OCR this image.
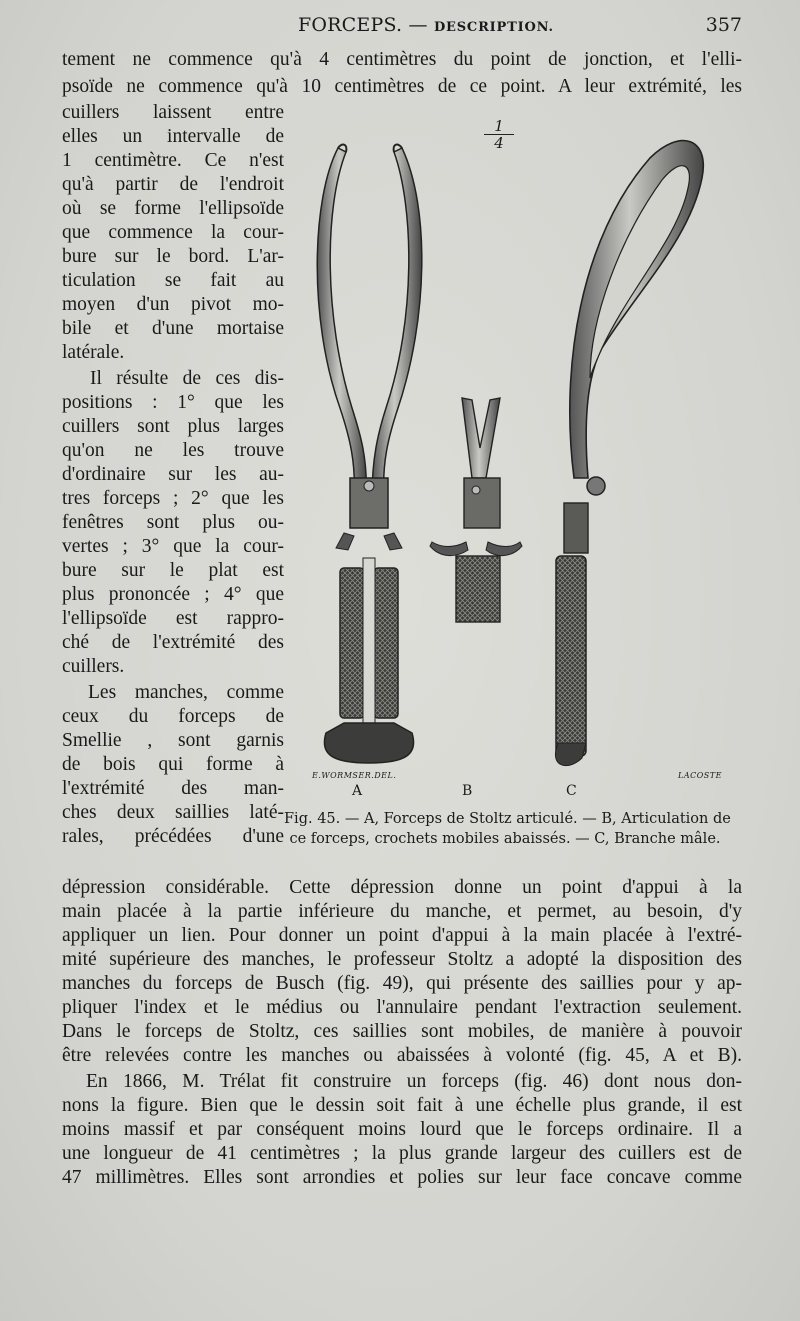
FORCEPS. — DESCRIPTION.	357
tement ne commence qu'à 4 centimètres du point de jonction, et l'elli-
psoïde ne commence qu'à 10 centimètres de ce point. A leur extrémité, les
cuillers laissent entre
elles un intervalle de
1 centimètre. Ce n'est
qu'à partir de l'endroit
où se forme l'ellipsoïde
que commence la cour-
bure sur le bord. L'ar-
ticulation se fait au
moyen d'un pivot mo-
bile et d'une mortaise
latérale.
Il résulte de ces dis-
positions : 1° que les
cuillers sont plus larges
qu'on ne les trouve
d'ordinaire sur les au-
tres forceps ; 2° que les
fenêtres sont plus ou-
vertes ; 3° que la cour-
bure sur le plat est
plus prononcée ; 4° que
l'ellipsoïde est rappro-
ché de l'extrémité des
cuillers.
Les manches, comme
ceux du forceps de
Smellie , sont garnis
de bois qui forme à
l'extrémité des man-
ches deux saillies laté-
rales, précédées d'une
$\frac{1}{4}$
E.WORMSER.DEL.	LACOSTE
A	B	C
Fig. 45. — A, Forceps de Stoltz articulé. — B, Articulation de
ce forceps, crochets mobiles abaissés. — C, Branche mâle.
dépression considérable. Cette dépression donne un point d'appui à la
main placée à la partie inférieure du manche, et permet, au besoin, d'y
appliquer un lien. Pour donner un point d'appui à la main placée à l'extré-
mité supérieure des manches, le professeur Stoltz a adopté la disposition des
manches du forceps de Busch (fig. 49), qui présente des saillies pour y ap-
pliquer l'index et le médius ou l'annulaire pendant l'extraction seulement.
Dans le forceps de Stoltz, ces saillies sont mobiles, de manière à pouvoir
être relevées contre les manches ou abaissées à volonté (fig. 45, A et B).
En 1866, M. Trélat fit construire un forceps (fig. 46) dont nous don-
nons la figure. Bien que le dessin soit fait à une échelle plus grande, il est
moins massif et par conséquent moins lourd que le forceps ordinaire. Il a
une longueur de 41 centimètres ; la plus grande largeur des cuillers est de
47 millimètres. Elles sont arrondies et polies sur leur face concave comme
